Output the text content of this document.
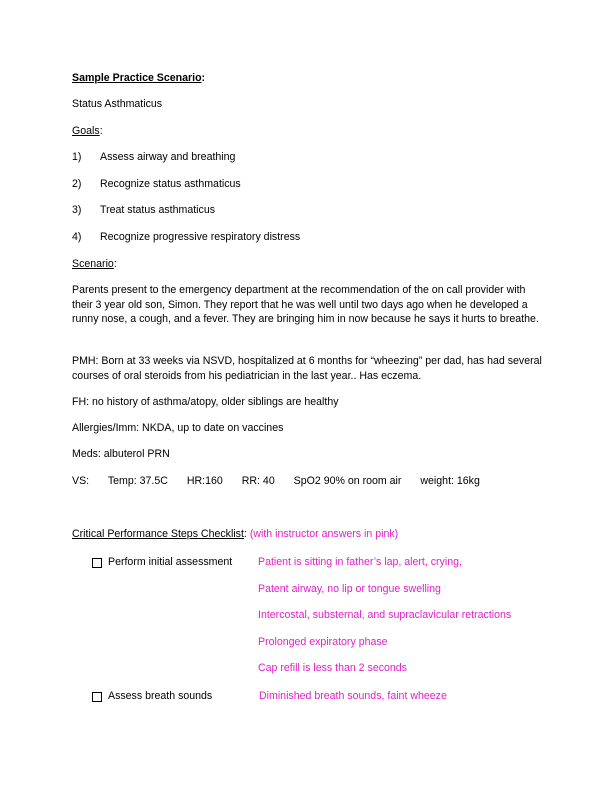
Sample Practice Scenario:
Status Asthmaticus
Goals:
1) Assess airway and breathing
2) Recognize status asthmaticus
3) Treat status asthmaticus
4) Recognize progressive respiratory distress
Scenario:
Parents present to the emergency department at the recommendation of the on call provider with their 3 year old son, Simon. They report that he was well until two days ago when he developed a runny nose, a cough, and a fever. They are bringing him in now because he says it hurts to breathe.
PMH: Born at 33 weeks via NSVD, hospitalized at 6 months for “wheezing” per dad, has had several courses of oral steroids from his pediatrician in the last year.. Has eczema.
FH: no history of asthma/atopy, older siblings are healthy
Allergies/Imm: NKDA, up to date on vaccines
Meds: albuterol PRN
VS: Temp: 37.5C HR:160 RR: 40 SpO2 90% on room air weight: 16kg
Critical Performance Steps Checklist: (with instructor answers in pink)
Perform initial assessment Patient is sitting in father’s lap, alert, crying,
Patent airway, no lip or tongue swelling
Intercostal, substernal, and supraclavicular retractions
Prolonged expiratory phase
Cap refill is less than 2 seconds
Assess breath sounds	Diminished breath sounds, faint wheeze
